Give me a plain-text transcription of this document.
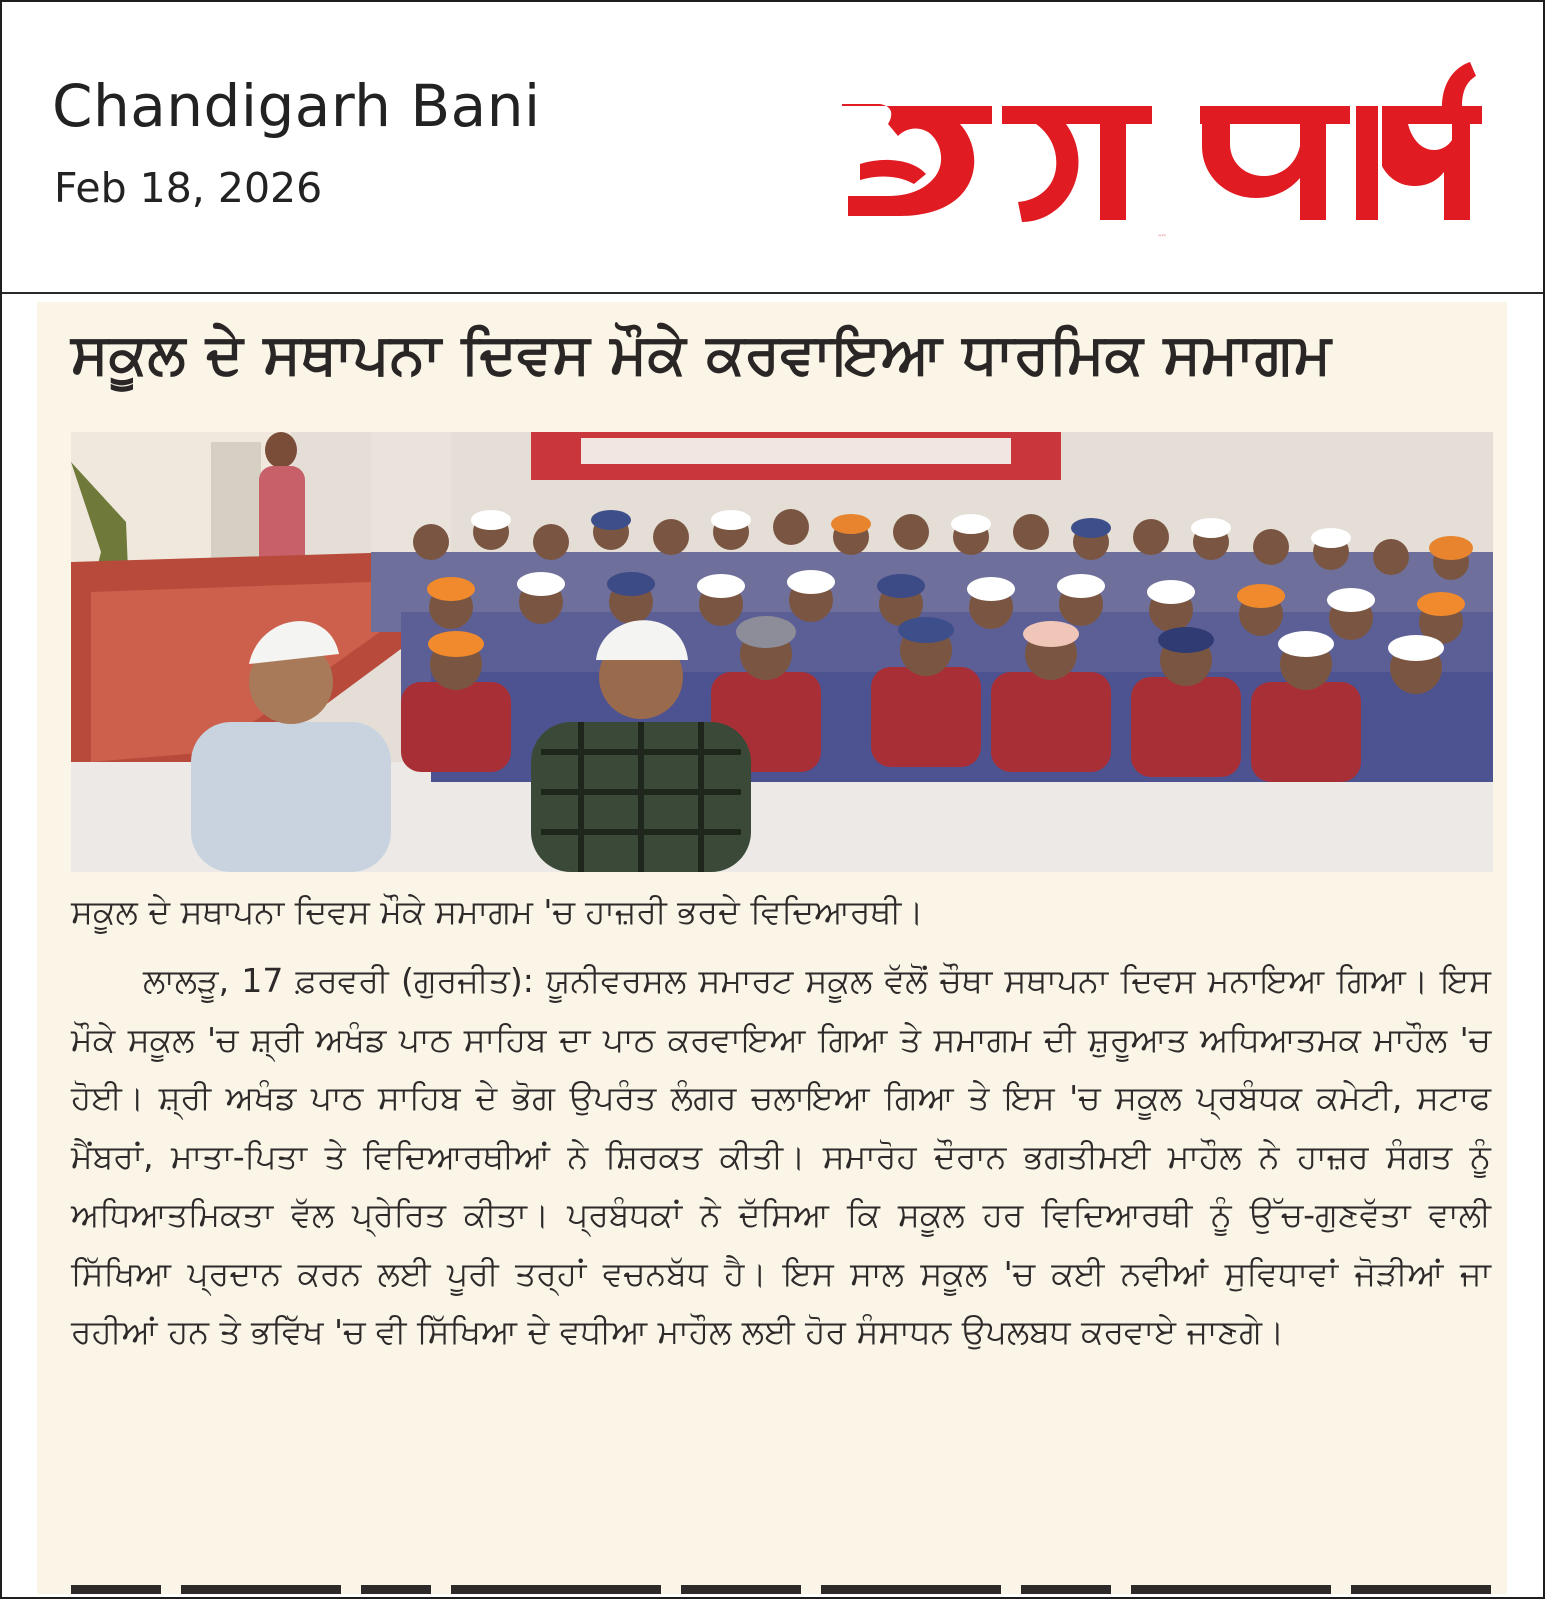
Chandigarh Bani
Feb 18, 2026
ਜਗ ਬਾਣੀ
ਸਕੂਲ ਦੇ ਸਥਾਪਨਾ ਦਿਵਸ ਮੌਕੇ ਕਰਵਾਇਆ ਧਾਰਮਿਕ ਸਮਾਗਮ
ਸਕੂਲ ਦੇ ਸਥਾਪਨਾ ਦਿਵਸ ਮੌਕੇ ਸਮਾਗਮ 'ਚ ਹਾਜ਼ਰੀ ਭਰਦੇ ਵਿਦਿਆਰਥੀ।

ਲਾਲੜੂ, 17 ਫ਼ਰਵਰੀ (ਗੁਰਜੀਤ): ਯੂਨੀਵਰਸਲ ਸਮਾਰਟ ਸਕੂਲ ਵੱਲੋਂ ਚੌਥਾ ਸਥਾਪਨਾ ਦਿਵਸ ਮਨਾਇਆ ਗਿਆ। ਇਸ ਮੌਕੇ ਸਕੂਲ 'ਚ ਸ਼੍ਰੀ ਅਖੰਡ ਪਾਠ ਸਾਹਿਬ ਦਾ ਪਾਠ ਕਰਵਾਇਆ ਗਿਆ ਤੇ ਸਮਾਗਮ ਦੀ ਸ਼ੁਰੂਆਤ ਅਧਿਆਤਮਕ ਮਾਹੌਲ 'ਚ ਹੋਈ। ਸ਼੍ਰੀ ਅਖੰਡ ਪਾਠ ਸਾਹਿਬ ਦੇ ਭੋਗ ਉਪਰੰਤ ਲੰਗਰ ਚਲਾਇਆ ਗਿਆ ਤੇ ਇਸ 'ਚ ਸਕੂਲ ਪ੍ਰਬੰਧਕ ਕਮੇਟੀ, ਸਟਾਫ ਮੈਂਬਰਾਂ, ਮਾਤਾ-ਪਿਤਾ ਤੇ ਵਿਦਿਆਰਥੀਆਂ ਨੇ ਸ਼ਿਰਕਤ ਕੀਤੀ। ਸਮਾਰੋਹ ਦੌਰਾਨ ਭਗਤੀਮਈ ਮਾਹੌਲ ਨੇ ਹਾਜ਼ਰ ਸੰਗਤ ਨੂੰ ਅਧਿਆਤਮਿਕਤਾ ਵੱਲ ਪ੍ਰੇਰਿਤ ਕੀਤਾ। ਪ੍ਰਬੰਧਕਾਂ ਨੇ ਦੱਸਿਆ ਕਿ ਸਕੂਲ ਹਰ ਵਿਦਿਆਰਥੀ ਨੂੰ ਉੱਚ-ਗੁਣਵੱਤਾ ਵਾਲੀ ਸਿੱਖਿਆ ਪ੍ਰਦਾਨ ਕਰਨ ਲਈ ਪੂਰੀ ਤਰ੍ਹਾਂ ਵਚਨਬੱਧ ਹੈ। ਇਸ ਸਾਲ ਸਕੂਲ 'ਚ ਕਈ ਨਵੀਆਂ ਸੁਵਿਧਾਵਾਂ ਜੋੜੀਆਂ ਜਾ ਰਹੀਆਂ ਹਨ ਤੇ ਭਵਿੱਖ 'ਚ ਵੀ ਸਿੱਖਿਆ ਦੇ ਵਧੀਆ ਮਾਹੌਲ ਲਈ ਹੋਰ ਸੰਸਾਧਨ ਉਪਲਬਧ ਕਰਵਾਏ ਜਾਣਗੇ।
